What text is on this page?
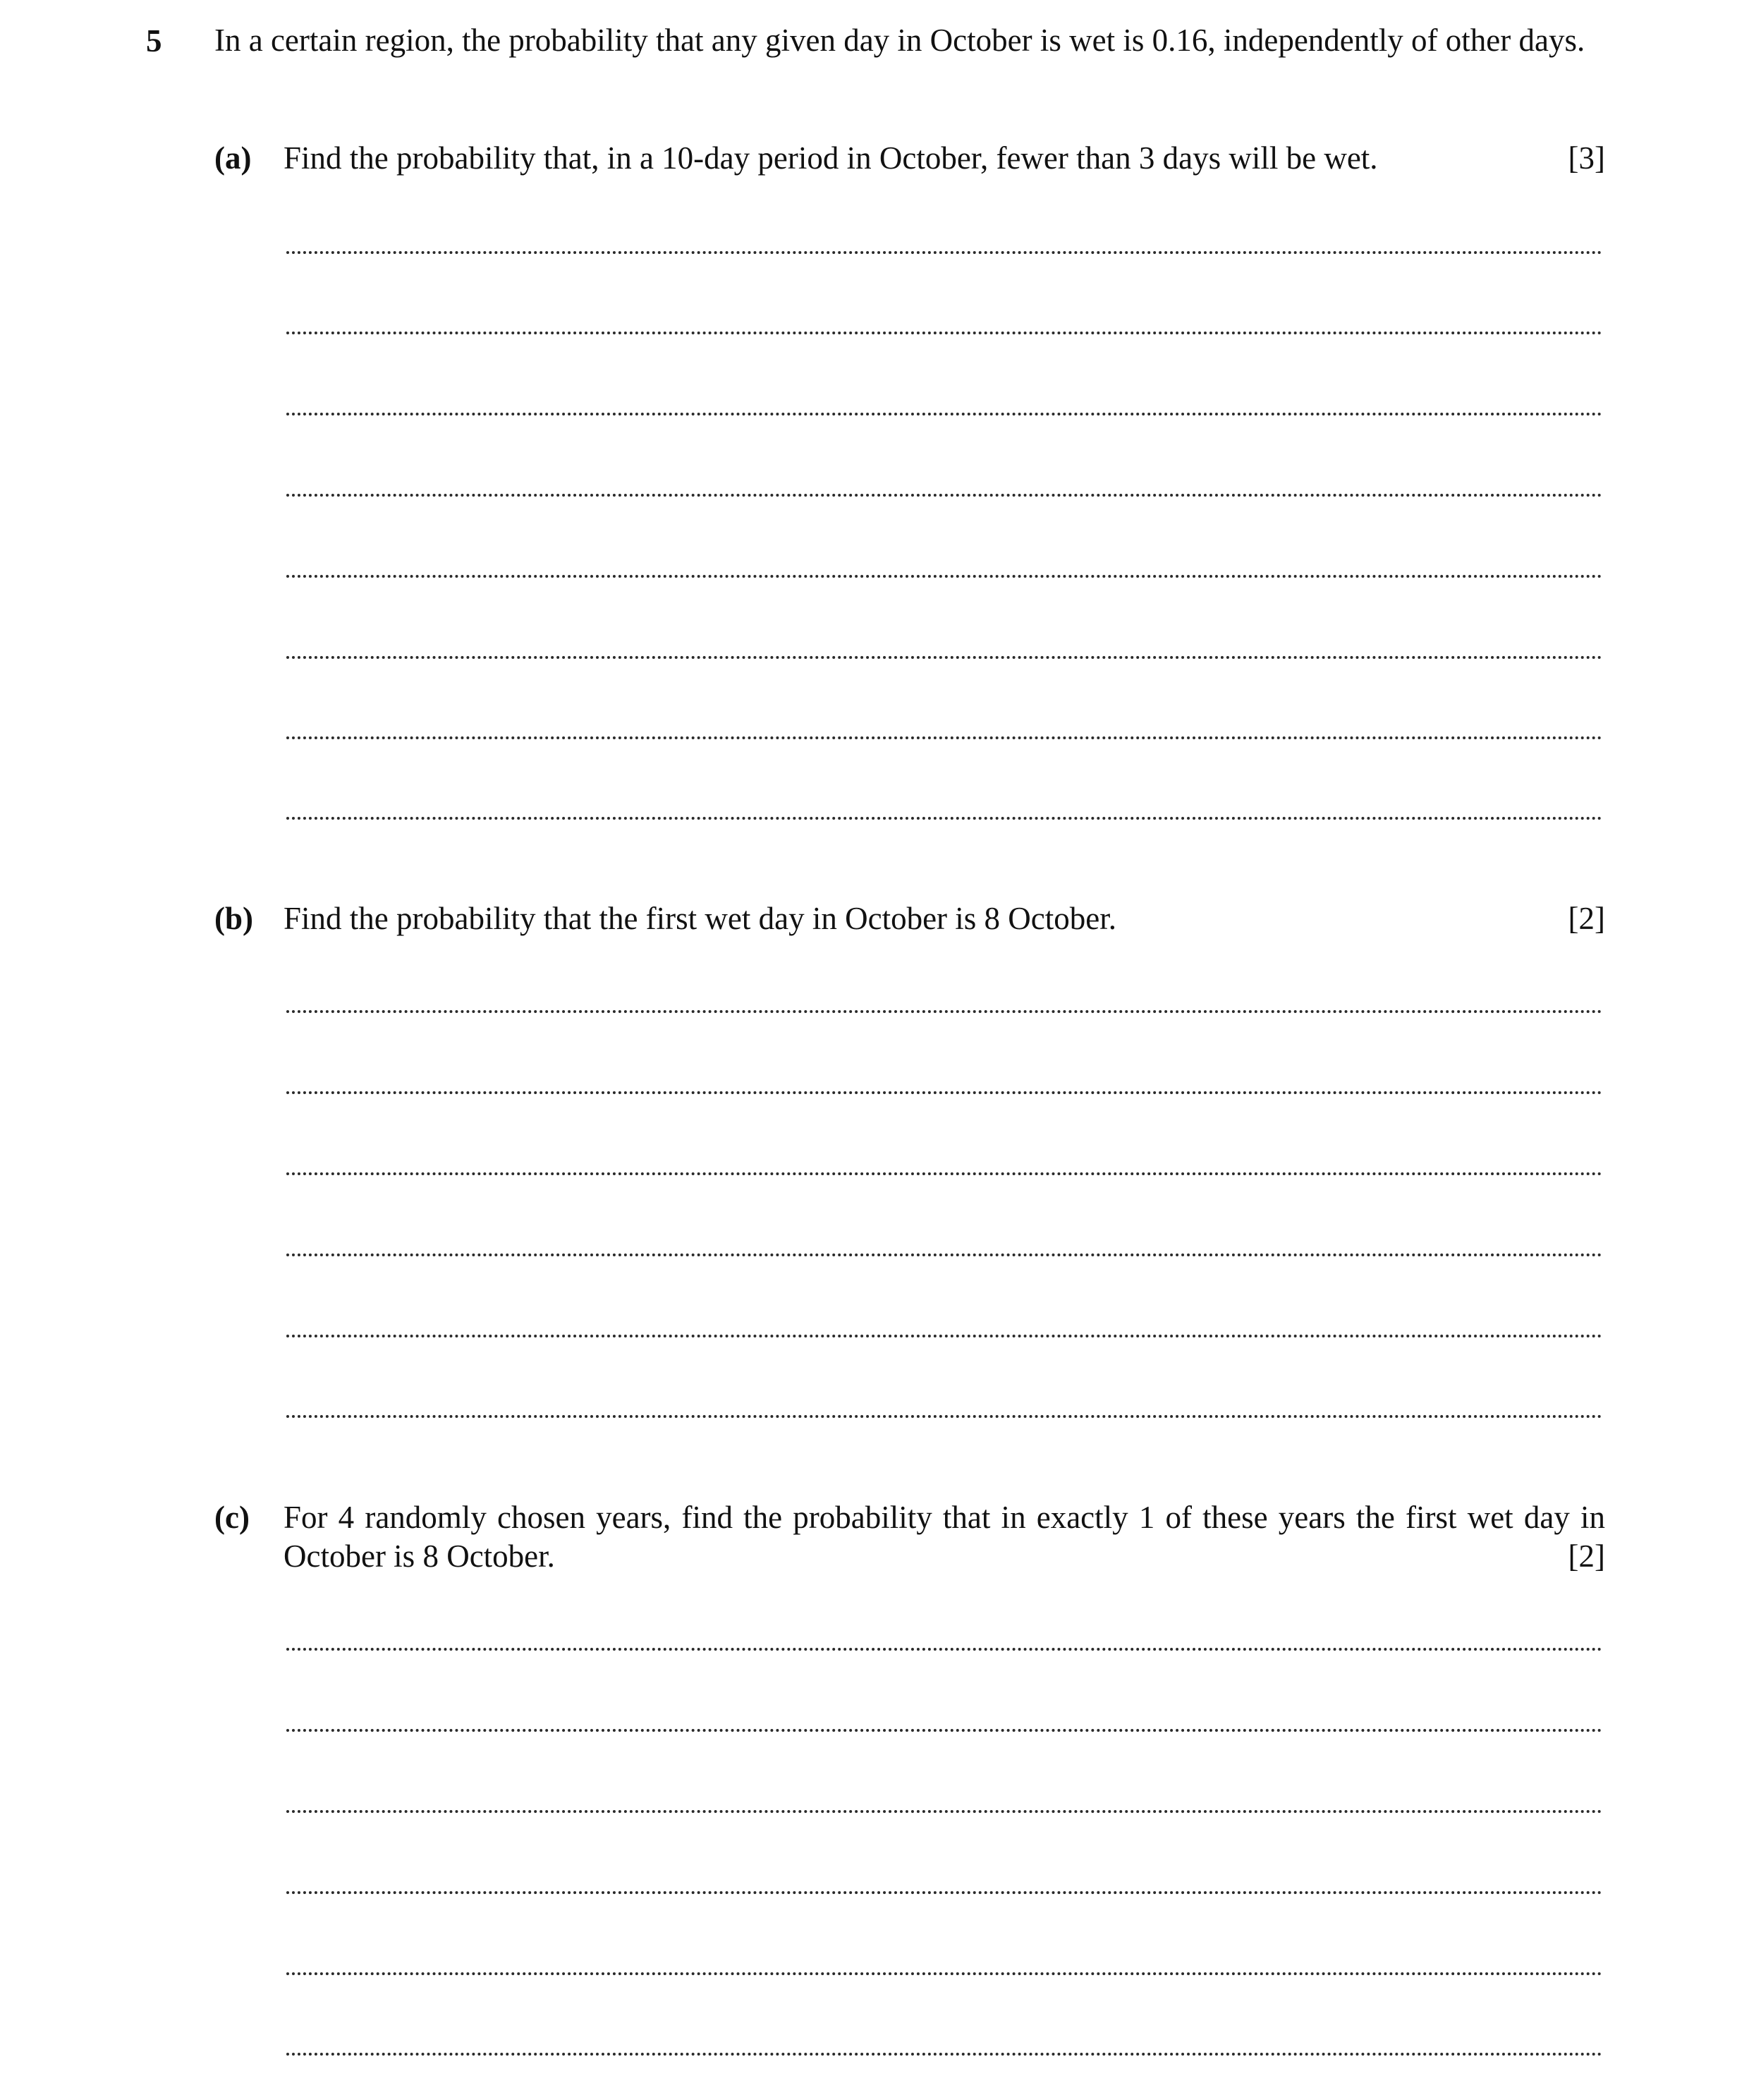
5 In a certain region, the probability that any given day in October is wet is 0.16, independently of other days.
(a) Find the probability that, in a 10-day period in October, fewer than 3 days will be wet.	[3]
(b) Find the probability that the first wet day in October is 8 October.	[2]
(c) For 4 randomly chosen years, find the probability that in exactly 1 of these years the first wet day in October is 8 October.	[2]
